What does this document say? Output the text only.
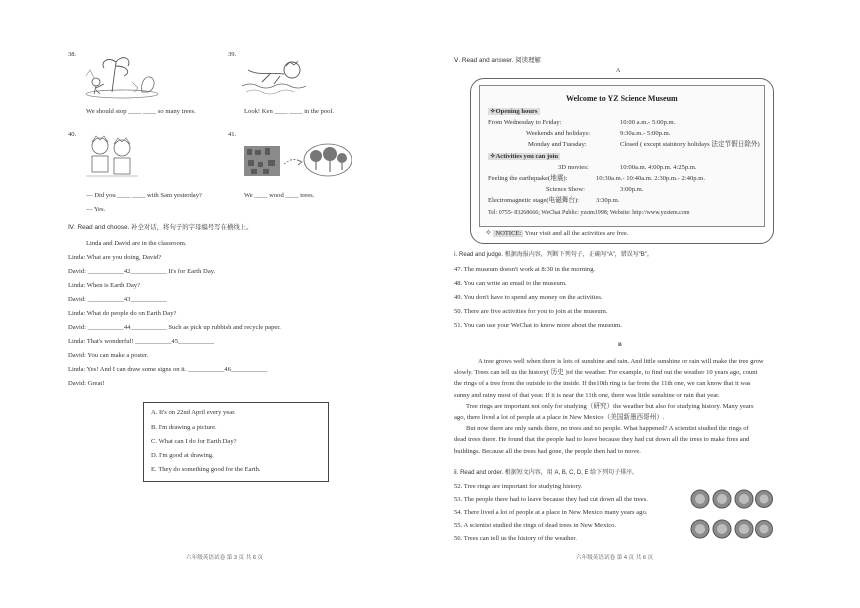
38.
We should stop ____ ____ so many trees.
39.
Look! Ken ____ ____ in the pool.
40.
— Did you ____ ____ with Sam yesterday?
— Yes.
41.
We ____ wood ____ trees.
Ⅳ. Read and choose. 补全对话，将句子的字母编号写在横线上。
Linda and David are in the classroom.
Linda: What are you doing, David?
David: ___________42___________ It's for Earth Day.
Linda: When is Earth Day?
David: ___________43___________
Linda: What do people do on Earth Day?
David: ___________44___________ Such as pick up rubbish and recycle paper.
Linda: That's wonderful! ___________45___________
David: You can make a poster.
Linda: Yes! And I can draw some signs on it. ___________46___________
David: Great!
A. It's on 22nd April every year.
B. I'm drawing a picture.
C. What can I do for Earth Day?
D. I'm good at drawing.
E. They do something good for the Earth.
六年级英语试卷 第 3 页 共 6 页
Ⅴ. Read and answer. 阅读理解
A
Welcome to YZ Science Museum
✧Opening hours
From Wednesday to Friday:	10:00 a.m.- 5:00p.m.
Weekends and holidays:	9:30a.m.- 5:00p.m.
Monday and Tuesday:	Closed ( except statutory holidays 法定节假日除外)
✧Activities you can join
3D movies:	10:00a.m. 4:00p.m. 4:25p.m.
Feeling the earthquake(地震):	10:30a.m.- 10:40a.m. 2:30p.m.- 2:40p.m.
Science Show:	3:00p.m.
Electromagnetic stage(电磁舞台):	3:30p.m.
Tel: 0755- 83268666; WeChat Public: yzstm1998; Website: http://www.yzstem.com
✧ NOTICE: Your visit and all the activities are free.
ⅰ. Read and judge. 根据海报内容，判断下列句子，正确写“A”，错误写“B”。
47. The museum doesn't work at 8:30 in the morning.
48. You can write an email to the museum.
49. You don't have to spend any money on the activities.
50. There are five activities for you to join at the museum.
51. You can use your WeChat to know more about the museum.
B
A tree grows well when there is lots of sunshine and rain. And little sunshine or rain will make the tree grow
slowly. Trees can tell us the history( 历史 )of the weather. For example, to find out the weather 10 years ago, count
the rings of a tree from the outside to the inside. If the10th ring is far from the 11th one, we can know that it was
sunny and rainy most of that year. If it is near the 11th one, there was little sunshine or rain that year.
Tree rings are important not only for studying（研究）the weather but also for studying history. Many years
ago, there lived a lot of people at a place in New Mexico（美国新墨西哥州）.
But now there are only sands there, no trees and no people. What happened? A scientist studied the rings of
dead trees there. He found that the people had to leave because they had cut down all the trees to make fires and
buildings. Because all the trees had gone, the people then had to move.
ⅱ. Read and order. 根据短文内容，用 A, B, C, D, E 给下列句子排序。
52. Tree rings are important for studying history.
53. The people there had to leave because they had cut down all the trees.
54. There lived a lot of people at a place in New Mexico many years ago.
55. A scientist studied the rings of dead trees in New Mexico.
56. Trees can tell us the history of the weather.
六年级英语试卷 第 4 页 共 6 页
